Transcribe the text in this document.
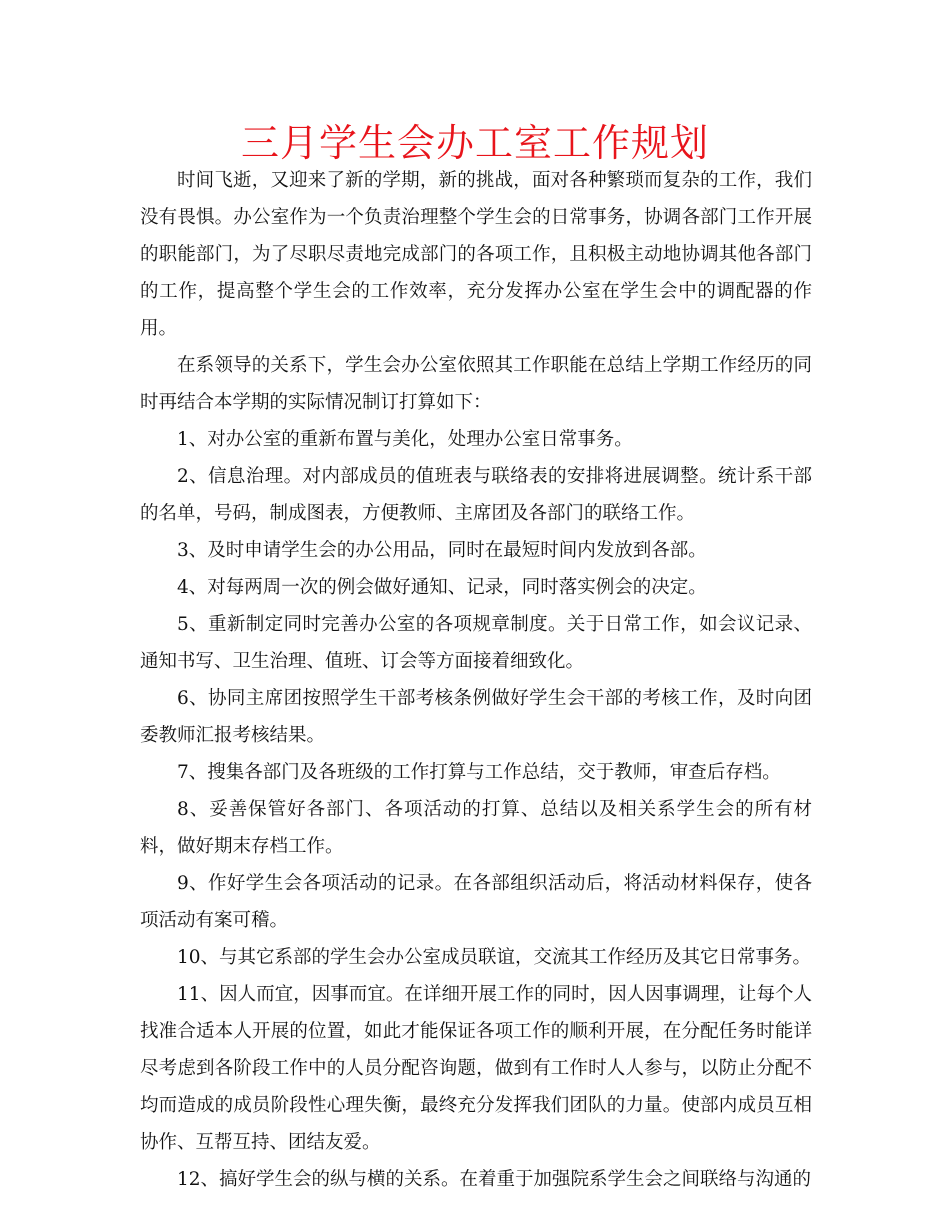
三月学生会办工室工作规划

时间飞逝，又迎来了新的学期，新的挑战，面对各种繁琐而复杂的工作，我们没有畏惧。办公室作为一个负责治理整个学生会的日常事务，协调各部门工作开展的职能部门，为了尽职尽责地完成部门的各项工作，且积极主动地协调其他各部门的工作，提高整个学生会的工作效率，充分发挥办公室在学生会中的调配器的作用。

在系领导的关系下，学生会办公室依照其工作职能在总结上学期工作经历的同时再结合本学期的实际情况制订打算如下：

1、对办公室的重新布置与美化，处理办公室日常事务。

2、信息治理。对内部成员的值班表与联络表的安排将进展调整。统计系干部的名单，号码，制成图表，方便教师、主席团及各部门的联络工作。

3、及时申请学生会的办公用品，同时在最短时间内发放到各部。

4、对每两周一次的例会做好通知、记录，同时落实例会的决定。

5、重新制定同时完善办公室的各项规章制度。关于日常工作，如会议记录、通知书写、卫生治理、值班、订会等方面接着细致化。

6、协同主席团按照学生干部考核条例做好学生会干部的考核工作，及时向团委教师汇报考核结果。

7、搜集各部门及各班级的工作打算与工作总结，交于教师，审查后存档。

8、妥善保管好各部门、各项活动的打算、总结以及相关系学生会的所有材料，做好期末存档工作。

9、作好学生会各项活动的记录。在各部组织活动后，将活动材料保存，使各项活动有案可稽。

10、与其它系部的学生会办公室成员联谊，交流其工作经历及其它日常事务。

11、因人而宜，因事而宜。在详细开展工作的同时，因人因事调理，让每个人找准合适本人开展的位置，如此才能保证各项工作的顺利开展，在分配任务时能详尽考虑到各阶段工作中的人员分配咨询题，做到有工作时人人参与，以防止分配不均而造成的成员阶段性心理失衡，最终充分发挥我们团队的力量。使部内成员互相协作、互帮互持、团结友爱。

12、搞好学生会的纵与横的关系。在着重于加强院系学生会之间联络与沟通的
